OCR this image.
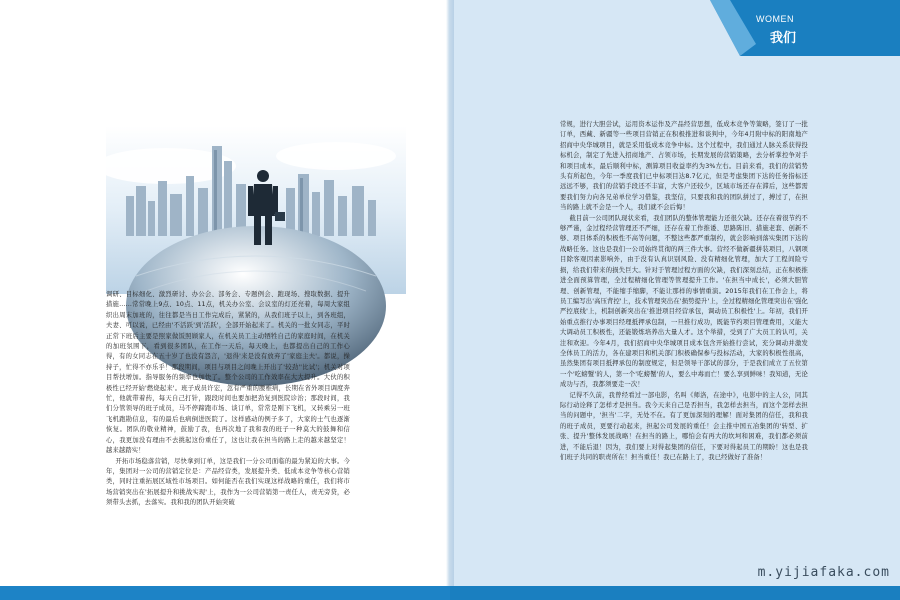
调研、目标细化、激烈研讨、办公会、部务会、专题例会、跑现场、搜取数据、提升措施……常常晚上9点、10点、11点，机关办公室、会议室的灯还亮着，每周大家组织出周末加班的，往往都是当日工作完成后，紧紧的，从我们班子以上，到各班组，夫妻、可以说，已经由'不活跃'到'活跃'，全部开始起来了。机关的一批女同志，平时正常下班后主要是照家做饭照顾家人，在机关员工主动牺牲自己的家庭时间，在机关的加班氛围下，看到很多团队，在工作一天后，每天晚上，也都提出自己的工作心得，有的女同志在五十岁了也没有怨言，'退得'来是没有放弃了'家庭主夫'。都说，操持子，忙得不亦乐乎！那段期间，项目与项目之间晚上开出了'较劲''比试'；机关对项目帮扶增加。指导服务的频率也加快了。整个公司的工作效率在大大提升。大伙的积极性已经开始'燃烧起来'。班子成员许宏，忽有严重的腰椎病，长期在省外项目调度奔忙，他就带着药，每天自己打针，跟段时间也要加把劲复到医院诊治；那段时间，我们分管领导的班子成员，马不停蹄跑市场、谈订单，常常是刚下飞机，又转乘另一班飞机跑勘信息，有的最后也病倒进医院了。这样感动的例子多了，大家的士气也逐渐恢复。团队的敬业精神，鼓励了我，也再次地了我和我的班子一种莫大的鼓舞和信心，我更加没有理由不去挑起这份重任了，这也让我在担当的路上走的越来越坚定！越来越踏实！

开拓市场稳落营销，尽快拿到订单，这是我们一分公司面临的最为紧迫的大事。今年，集团对一公司的营销定位是：产品经营类，发展提升类、低成本竞争等核心营销类，同时注重拓展区域性市场项目。如何能否在我们实现这样战略的重任，我们将市场营销突出在'拓展提升和挑战实现'上，我作为一公司营销第一责任人，责无旁贷，必须带头去抓，去落实。我和我的团队开始突破

常规，进行大胆尝试，运用资本运作及产品经营思想，低成本竞争等策略，签订了一批订单，西藏、新疆等一些项目营销正在积极推进和谈判中，今年4月附中标的阳南地产招商中央华城项目，就是采用低成本竞争中标。这个过程中，我们通过人脉关系获得投标机会，制定了先进入招商地产、占领市场，长期发展的营销策略，去分析掌控争对手和项目成本，最后顺利中标，测算项目收益率约为3%左右。目前来看，我们的营销势头有所起色，今年一季度我们已中标项目达8.7亿元，但是考虑集团下达的任务指标还远远不够，我们的营销手段还不丰富，大客户还较少，区域市场还存在滞后，这些都需要我们努力向各兄弟单位学习借鉴，我坚信，只要我和我的团队拼过了，搏过了，在担当的路上就不会是一个人，我们就不会后悔！

截目前一公司团队现状来看，我们团队的整体管理能力还很欠缺。还存在着很节约不够严谨，金过程经营管理还不严细，还存在着工作推诿、思路陈旧、措施老套、创新不够、项目体系的积极性不高等问题，不整这些都严重制约，就会影响到落实集团下达的战略任务。这也是我们一公司始终贯彻的两三件大事。营经不做新疆拼装项目，八钢项目除客观因素影响外，由于没有认真识别风险、没有精细化管理，加大了工程间险亏损，给我们带来的损失巨大。针对于管理过程方面的欠缺，我们深刻总结，正在积极推进全面预算管理，全过程精细化管理等管理提升工作。'在担当中成长'，必须大胆管理、创新管理，不能缩手缩脚，不能让那样的事情重演。2015年我们在工作会上，将员工编写出'高压背控'上，技术管理突出在'损势提升'上，全过程精细化管理突出在'强化严控底线'上，机制创新突出在'推进项目经营承包，调动员工积极性'上。年初，我们开始重点推行办事项目经理抵押承包制，一旦推行成功，既能节约项目管理费用，又能大大调动员工积极性，还能锻炼培养出大量人才。这个举措，受到了广大员工的认可，关注和欢迎。今年4月，我们招商中央华城项目成本包含开始推行尝试，充分调动并激发全体员工的活力，各在建项目和机关部门积极确保参与投标活动，大家的积极性很高，虽然集团有项目抵押承包的制度规定，但是领导干部试的部分，于是我们成立了五位第一个'吃螃蟹'的人，第一个'吃螃蟹'的人，要么中毒而亡！要么享到鲜味！我知道，无论成功与否，我都须要走一次！

记得不久前，我曾经看过一部电影，名叫《师洛，在途中》，电影中的主人公，同其际行动诠释了怎样才是担当。我今天来自己是否担当，我怎样去担当，而这个怎样去担当的问题中，'担当'二字，无处不在。有了更加深刻的理解！面对集团的信任，我和我的班子成员，更要行动起来，担起公司发展的重任！会主推中国五冶集团的'转型、扩张、提升'整体发展战略！在担当的路上，哪怕会有再大的坎坷和困难，我们都必须前进，不能后退！因为，我们要上对得起集团的信任，下要对得起员工的期盼！这也是我们班子共同的职责所在！担当重任！我已在路上了，我已经做好了准备！

WOMEN
我们
m.yijiafaka.com
